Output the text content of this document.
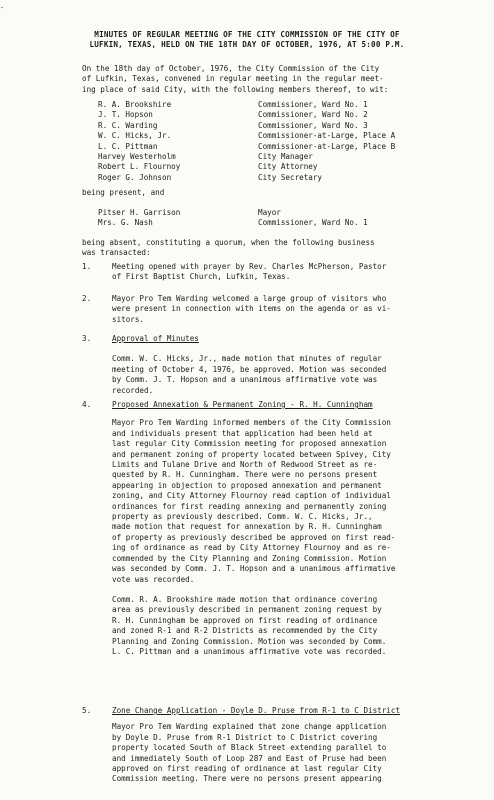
-
MINUTES OF REGULAR MEETING OF THE CITY COMMISSION OF THE CITY OF
LUFKIN, TEXAS, HELD ON THE 18TH DAY OF OCTOBER, 1976, AT 5:00 P.M.
On the 18th day of October, 1976, the City Commission of the City
of Lufkin, Texas, convened in regular meeting in the regular meet-
ing place of said City, with the following members thereof, to wit:
R. A. Brookshire	Commissioner, Ward No. 1
J. T. Hopson	Commissioner, Ward No. 2
R. C. Warding	Commissioner, Ward No. 3
W. C. Hicks, Jr.	Commissioner-at-Large, Place A
L. C. Pittman	Commissioner-at-Large, Place B
Harvey Westerholm	City Manager
Robert L. Flournoy	City Attorney
Roger G. Johnson	City Secretary
being present, and
Pitser H. Garrison	Mayor
Mrs. G. Nash	Commissioner, Ward No. 1
being absent, constituting a quorum, when the following business
was transacted:
1.	Meeting opened with prayer by Rev. Charles McPherson, Pastor
of First Baptist Church, Lufkin, Texas.
2.	Mayor Pro Tem Warding welcomed a large group of visitors who
were present in connection with items on the agenda or as vi-
sitors.
3.	Approval of Minutes
Comm. W. C. Hicks, Jr., made motion that minutes of regular
meeting of October 4, 1976, be approved. Motion was seconded
by Comm. J. T. Hopson and a unanimous affirmative vote was
recorded.
4.	Proposed Annexation & Permanent Zoning - R. H. Cunningham
Mayor Pro Tem Warding informed members of the City Commission
and individuals present that application had been held at
last regular City Commission meeting for proposed annexation
and permanent zoning of property located between Spivey, City
Limits and Tulane Drive and North of Redwood Street as re-
quested by R. H. Cunningham. There were no persons present
appearing in objection to proposed annexation and permanent
zoning, and City Attorney Flournoy read caption of individual
ordinances for first reading annexing and permanently zoning
property as previously described. Comm. W. C. Hicks, Jr.,
made motion that request for annexation by R. H. Cunningham
of property as previously described be approved on first read-
ing of ordinance as read by City Attorney Flournoy and as re-
commended by the City Planning and Zoning Commission. Motion
was seconded by Comm. J. T. Hopson and a unanimous affirmative
vote was recorded.
Comm. R. A. Brookshire made motion that ordinance covering
area as previously described in permanent zoning request by
R. H. Cunningham be approved on first reading of ordinance
and zoned R-1 and R-2 Districts as recommended by the City
Planning and Zoning Commission. Motion was seconded by Comm.
L. C. Pittman and a unanimous affirmative vote was recorded.
5.	Zone Change Application - Doyle D. Pruse from R-1 to C District
Mayor Pro Tem Warding explained that zone change application
by Doyle D. Pruse from R-1 District to C District covering
property located South of Black Street extending parallel to
and immediately South of Loop 287 and East of Pruse had been
approved on first reading of ordinance at last regular City
Commission meeting. There were no persons present appearing
